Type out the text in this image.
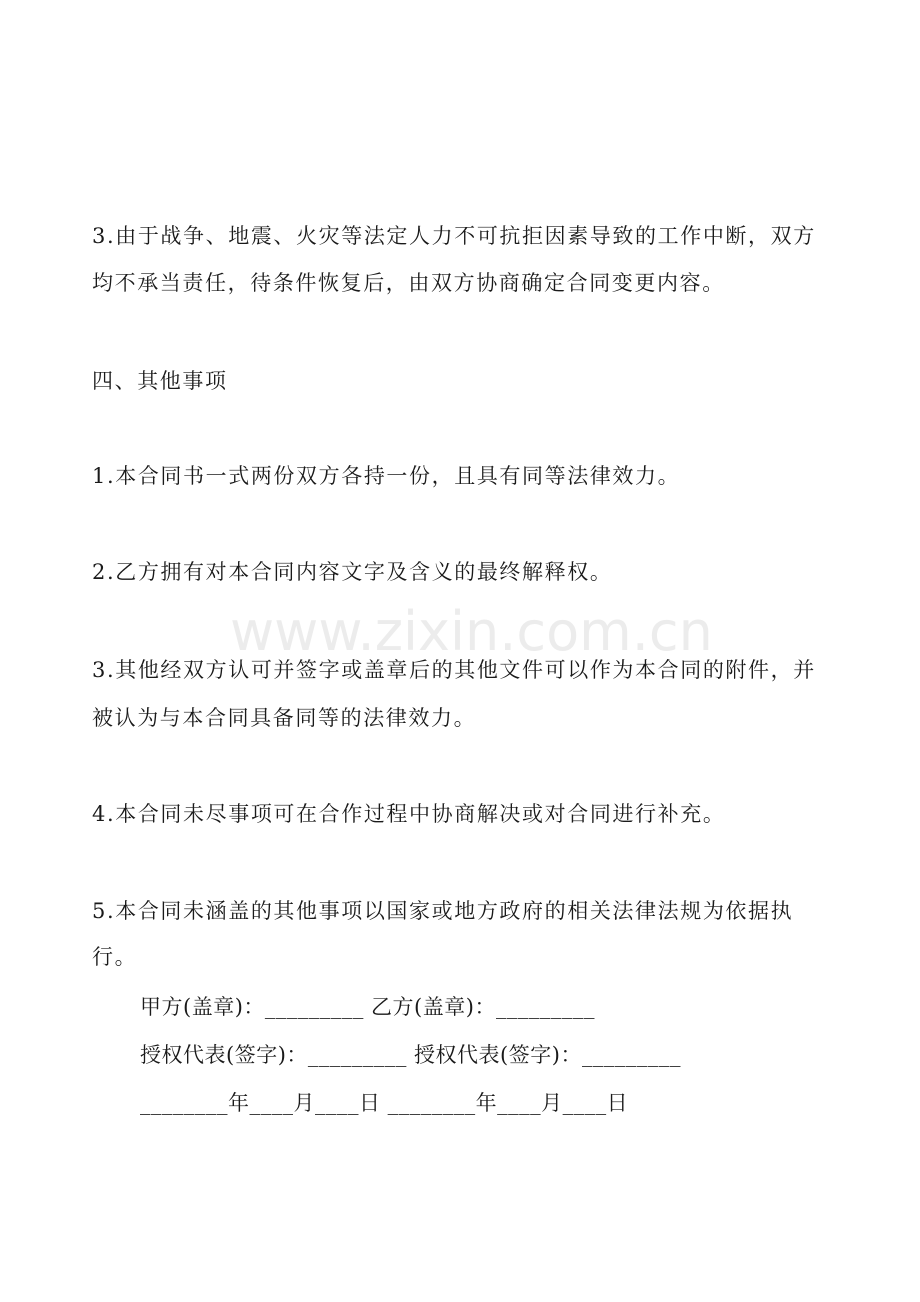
www.zixin.com.cn
3.由于战争、地震、火灾等法定人力不可抗拒因素导致的工作中断，双方
均不承当责任，待条件恢复后，由双方协商确定合同变更内容。
四、其他事项
1.本合同书一式两份双方各持一份，且具有同等法律效力。
2.乙方拥有对本合同内容文字及含义的最终解释权。
3.其他经双方认可并签字或盖章后的其他文件可以作为本合同的附件，并
被认为与本合同具备同等的法律效力。
4.本合同未尽事项可在合作过程中协商解决或对合同进行补充。
5.本合同未涵盖的其他事项以国家或地方政府的相关法律法规为依据执
行。
甲方(盖章)：_________ 乙方(盖章)：_________
授权代表(签字)：_________ 授权代表(签字)：_________
________年____月____日 ________年____月____日
